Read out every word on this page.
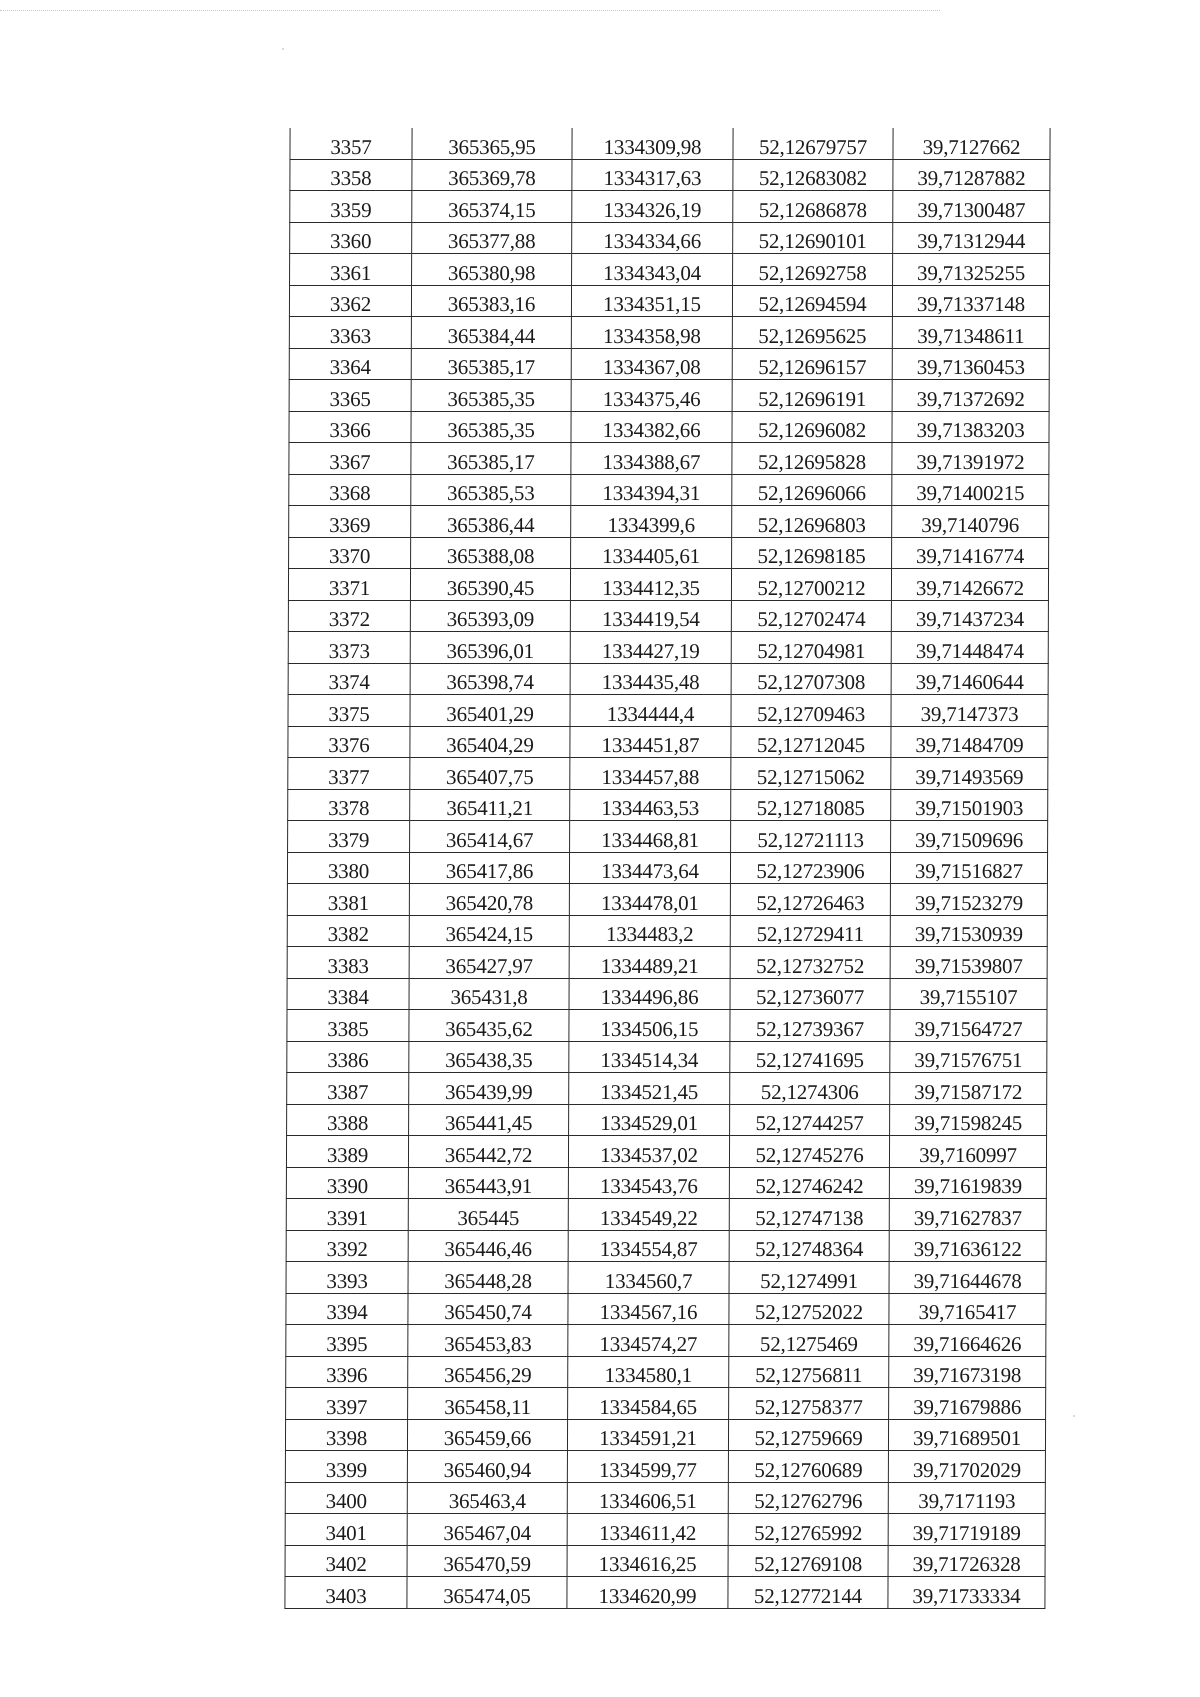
3357	365365,95	1334309,98	52,12679757	39,7127662
3358	365369,78	1334317,63	52,12683082	39,71287882
3359	365374,15	1334326,19	52,12686878	39,71300487
3360	365377,88	1334334,66	52,12690101	39,71312944
3361	365380,98	1334343,04	52,12692758	39,71325255
3362	365383,16	1334351,15	52,12694594	39,71337148
3363	365384,44	1334358,98	52,12695625	39,71348611
3364	365385,17	1334367,08	52,12696157	39,71360453
3365	365385,35	1334375,46	52,12696191	39,71372692
3366	365385,35	1334382,66	52,12696082	39,71383203
3367	365385,17	1334388,67	52,12695828	39,71391972
3368	365385,53	1334394,31	52,12696066	39,71400215
3369	365386,44	1334399,6	52,12696803	39,7140796
3370	365388,08	1334405,61	52,12698185	39,71416774
3371	365390,45	1334412,35	52,12700212	39,71426672
3372	365393,09	1334419,54	52,12702474	39,71437234
3373	365396,01	1334427,19	52,12704981	39,71448474
3374	365398,74	1334435,48	52,12707308	39,71460644
3375	365401,29	1334444,4	52,12709463	39,7147373
3376	365404,29	1334451,87	52,12712045	39,71484709
3377	365407,75	1334457,88	52,12715062	39,71493569
3378	365411,21	1334463,53	52,12718085	39,71501903
3379	365414,67	1334468,81	52,12721113	39,71509696
3380	365417,86	1334473,64	52,12723906	39,71516827
3381	365420,78	1334478,01	52,12726463	39,71523279
3382	365424,15	1334483,2	52,12729411	39,71530939
3383	365427,97	1334489,21	52,12732752	39,71539807
3384	365431,8	1334496,86	52,12736077	39,7155107
3385	365435,62	1334506,15	52,12739367	39,71564727
3386	365438,35	1334514,34	52,12741695	39,71576751
3387	365439,99	1334521,45	52,1274306	39,71587172
3388	365441,45	1334529,01	52,12744257	39,71598245
3389	365442,72	1334537,02	52,12745276	39,7160997
3390	365443,91	1334543,76	52,12746242	39,71619839
3391	365445	1334549,22	52,12747138	39,71627837
3392	365446,46	1334554,87	52,12748364	39,71636122
3393	365448,28	1334560,7	52,1274991	39,71644678
3394	365450,74	1334567,16	52,12752022	39,7165417
3395	365453,83	1334574,27	52,1275469	39,71664626
3396	365456,29	1334580,1	52,12756811	39,71673198
3397	365458,11	1334584,65	52,12758377	39,71679886
3398	365459,66	1334591,21	52,12759669	39,71689501
3399	365460,94	1334599,77	52,12760689	39,71702029
3400	365463,4	1334606,51	52,12762796	39,7171193
3401	365467,04	1334611,42	52,12765992	39,71719189
3402	365470,59	1334616,25	52,12769108	39,71726328
3403	365474,05	1334620,99	52,12772144	39,71733334
